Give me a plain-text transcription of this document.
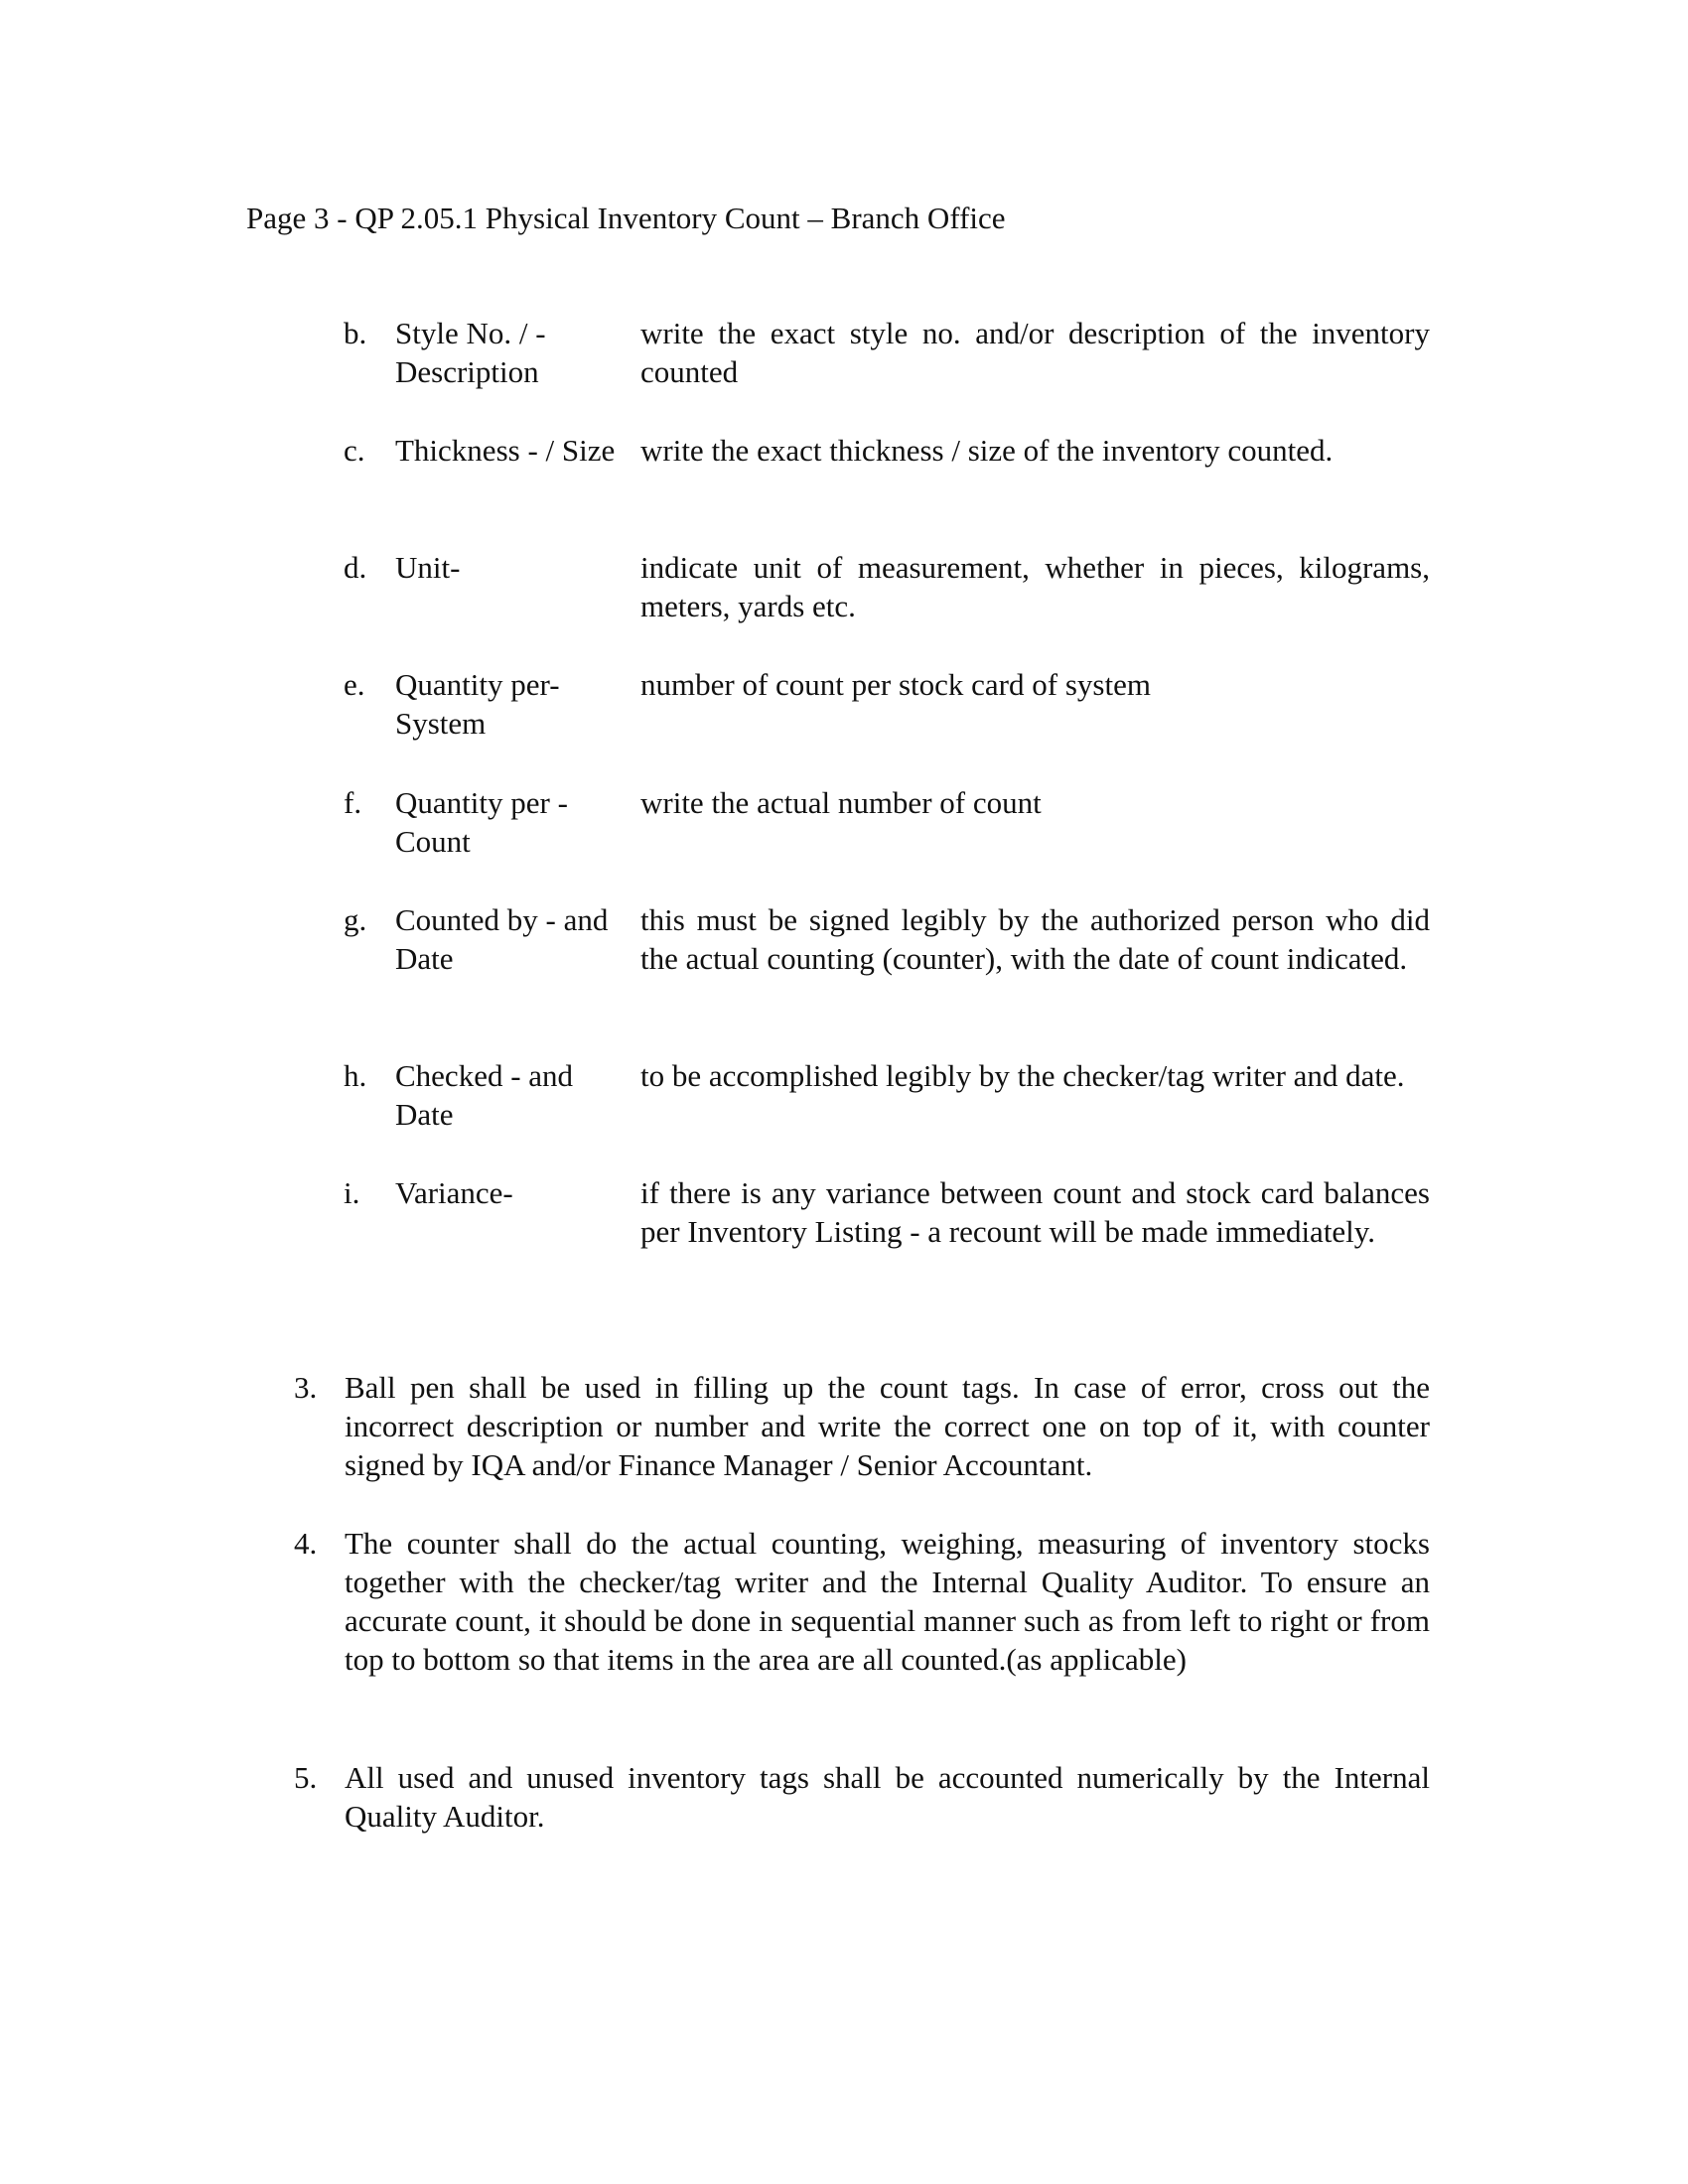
Page 3 - QP 2.05.1 Physical Inventory Count – Branch Office
b. Style No. / - Description
write the exact style no. and/or description of the inventory counted
c. Thickness - / Size write the exact thickness / size of the inventory counted.
d. Unit-	indicate unit of measurement, whether in pieces, kilograms, meters, yards etc.
e. Quantity per- System
number of count per stock card of system
f. Quantity per - Count
write the actual number of count
g. Counted by - and Date
this must be signed legibly by the authorized person who did the actual counting (counter), with the date of count indicated.
h. Checked - and Date
to be accomplished legibly by the checker/tag writer and date.
i. Variance-	if there is any variance between count and stock card balances per Inventory Listing - a recount will be made immediately.
3. Ball pen shall be used in filling up the count tags. In case of error, cross out the incorrect description or number and write the correct one on top of it, with counter signed by IQA and/or Finance Manager / Senior Accountant.
4. The counter shall do the actual counting, weighing, measuring of inventory stocks together with the checker/tag writer and the Internal Quality Auditor. To ensure an accurate count, it should be done in sequential manner such as from left to right or from top to bottom so that items in the area are all counted.(as applicable)
5. All used and unused inventory tags shall be accounted numerically by the Internal Quality Auditor.
